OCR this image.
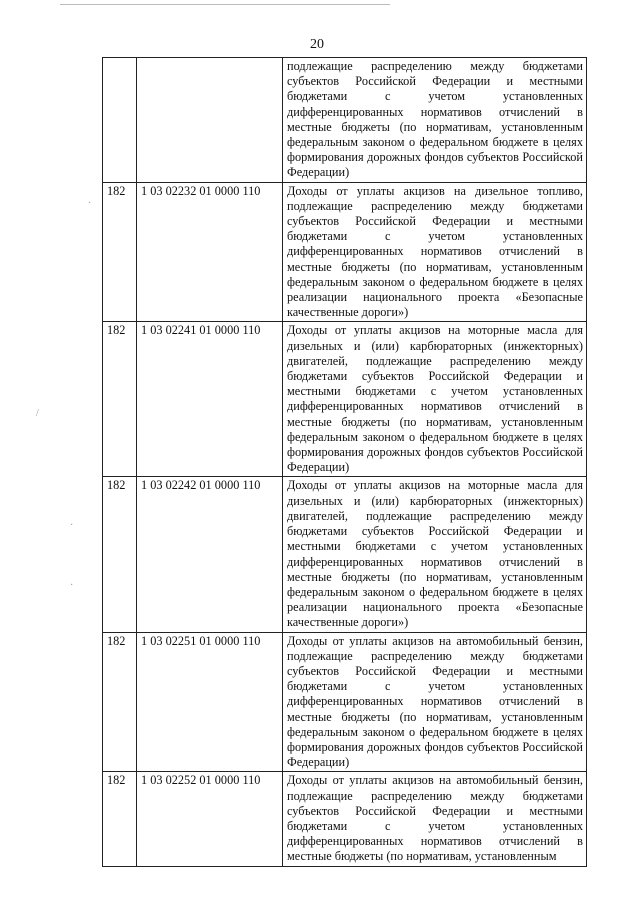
20
		подлежащие распределению между бюджетами субъектов Российской Федерации и местными бюджетами с учетом установленных дифференцированных нормативов отчислений в местные бюджеты (по нормативам, установленным федеральным законом о федеральном бюджете в целях формирования дорожных фондов субъектов Российской Федерации)
182	1 03 02232 01 0000 110	Доходы от уплаты акцизов на дизельное топливо, подлежащие распределению между бюджетами субъектов Российской Федерации и местными бюджетами с учетом установленных дифференцированных нормативов отчислений в местные бюджеты (по нормативам, установленным федеральным законом о федеральном бюджете в целях реализации национального проекта «Безопасные качественные дороги»)
182	1 03 02241 01 0000 110	Доходы от уплаты акцизов на моторные масла для дизельных и (или) карбюраторных (инжекторных) двигателей, подлежащие распределению между бюджетами субъектов Российской Федерации и местными бюджетами с учетом установленных дифференцированных нормативов отчислений в местные бюджеты (по нормативам, установленным федеральным законом о федеральном бюджете в целях формирования дорожных фондов субъектов Российской Федерации)
182	1 03 02242 01 0000 110	Доходы от уплаты акцизов на моторные масла для дизельных и (или) карбюраторных (инжекторных) двигателей, подлежащие распределению между бюджетами субъектов Российской Федерации и местными бюджетами с учетом установленных дифференцированных нормативов отчислений в местные бюджеты (по нормативам, установленным федеральным законом о федеральном бюджете в целях реализации национального проекта «Безопасные качественные дороги»)
182	1 03 02251 01 0000 110	Доходы от уплаты акцизов на автомобильный бензин, подлежащие распределению между бюджетами субъектов Российской Федерации и местными бюджетами с учетом установленных дифференцированных нормативов отчислений в местные бюджеты (по нормативам, установленным федеральным законом о федеральном бюджете в целях формирования дорожных фондов субъектов Российской Федерации)
182	1 03 02252 01 0000 110	Доходы от уплаты акцизов на автомобильный бензин, подлежащие распределению между бюджетами субъектов Российской Федерации и местными бюджетами с учетом установленных дифференцированных нормативов отчислений в местные бюджеты (по нормативам, установленным
·
/
·
·
